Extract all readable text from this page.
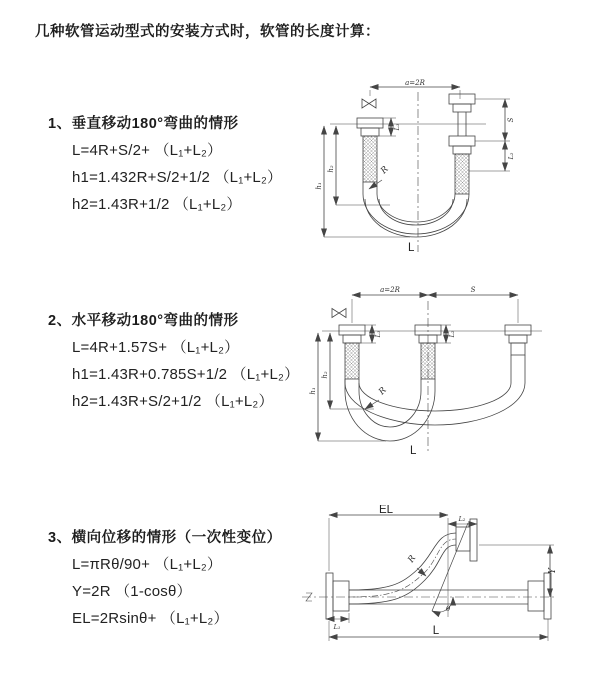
几种软管运动型式的安装方式时，软管的长度计算：
1、垂直移动180°弯曲的情形
L=4R+S/2+ （L₁+L₂）
h1=1.432R+S/2+1/2 （L₁+L₂）
h2=1.43R+1/2 （L₁+L₂）
a=2R
h₁
h₂
L₁
S
L₂
R
L
2、水平移动180°弯曲的情形
L=4R+1.57S+ （L₁+L₂）
h1=1.43R+0.785S+1/2 （L₁+L₂）
h2=1.43R+S/2+1/2 （L₁+L₂）
a=2R	S
h₁
h₂
L₁	L₂
R
L
3、横向位移的情形（一次性变位）
L=πRθ/90+ （L₁+L₂）
Y=2R （1-cosθ）
EL=2Rsinθ+ （L₁+L₂）
EL
L₂
Y
R
θ
L
L₁
